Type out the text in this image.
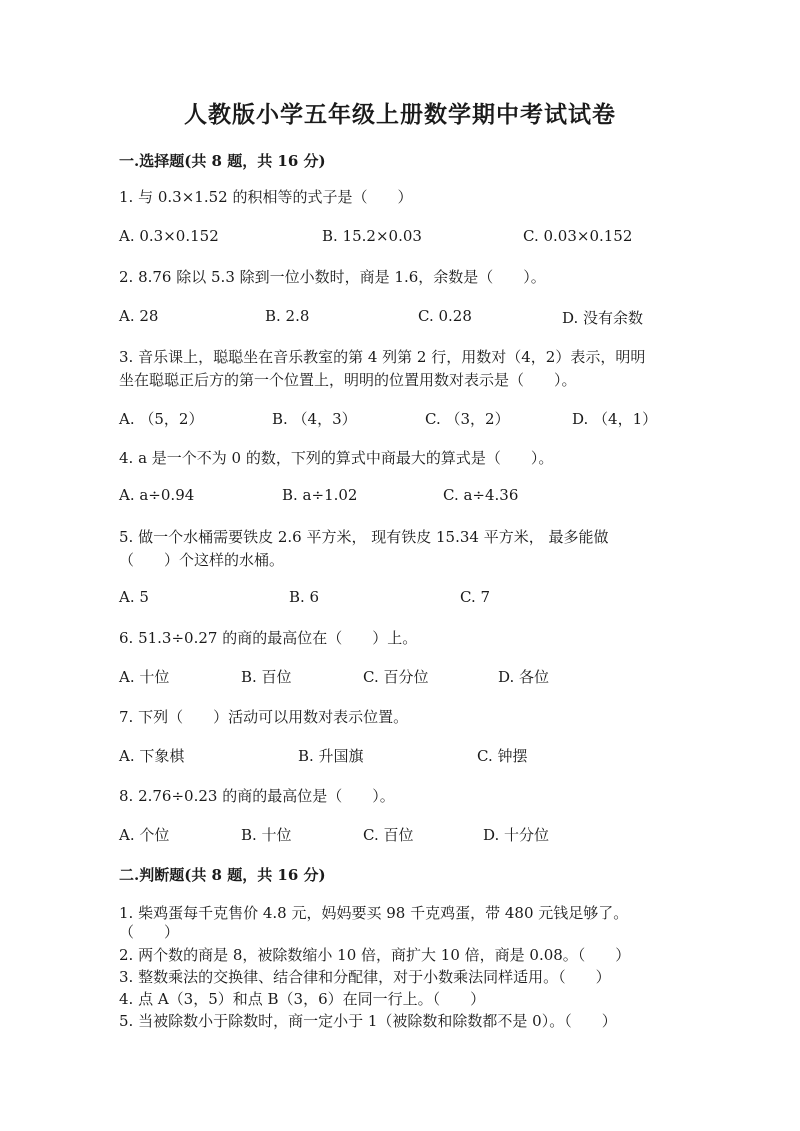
人教版小学五年级上册数学期中考试试卷
一.选择题(共 8 题，共 16 分)
1. 与 0.3×1.52 的积相等的式子是（　　）
A. 0.3×0.152	B. 15.2×0.03	C. 0.03×0.152
2. 8.76 除以 5.3 除到一位小数时，商是 1.6，余数是（　　）。
A. 28	B. 2.8	C. 0.28	D. 没有余数
3. 音乐课上，聪聪坐在音乐教室的第 4 列第 2 行，用数对（4，2）表示，明明
坐在聪聪正后方的第一个位置上，明明的位置用数对表示是（　　）。
A. （5，2）	B. （4，3）	C. （3，2）	D. （4，1）
4. a 是一个不为 0 的数，下列的算式中商最大的算式是（　　）。
A. a÷0.94	B. a÷1.02	C. a÷4.36
5. 做一个水桶需要铁皮 2.6 平方米， 现有铁皮 15.34 平方米， 最多能做
（　　）个这样的水桶。
A. 5	B. 6	C. 7
6. 51.3÷0.27 的商的最高位在（　　）上。
A. 十位	B. 百位	C. 百分位	D. 各位
7. 下列（　　）活动可以用数对表示位置。
A. 下象棋	B. 升国旗	C. 钟摆
8. 2.76÷0.23 的商的最高位是（　　）。
A. 个位	B. 十位	C. 百位	D. 十分位
二.判断题(共 8 题，共 16 分)
1. 柴鸡蛋每千克售价 4.8 元，妈妈要买 98 千克鸡蛋，带 480 元钱足够了。
（　　）
2. 两个数的商是 8，被除数缩小 10 倍，商扩大 10 倍，商是 0.08。（　　）
3. 整数乘法的交换律、结合律和分配律，对于小数乘法同样适用。（　　）
4. 点 A（3，5）和点 B（3，6）在同一行上。（　　）
5. 当被除数小于除数时，商一定小于 1（被除数和除数都不是 0）。（　　）
